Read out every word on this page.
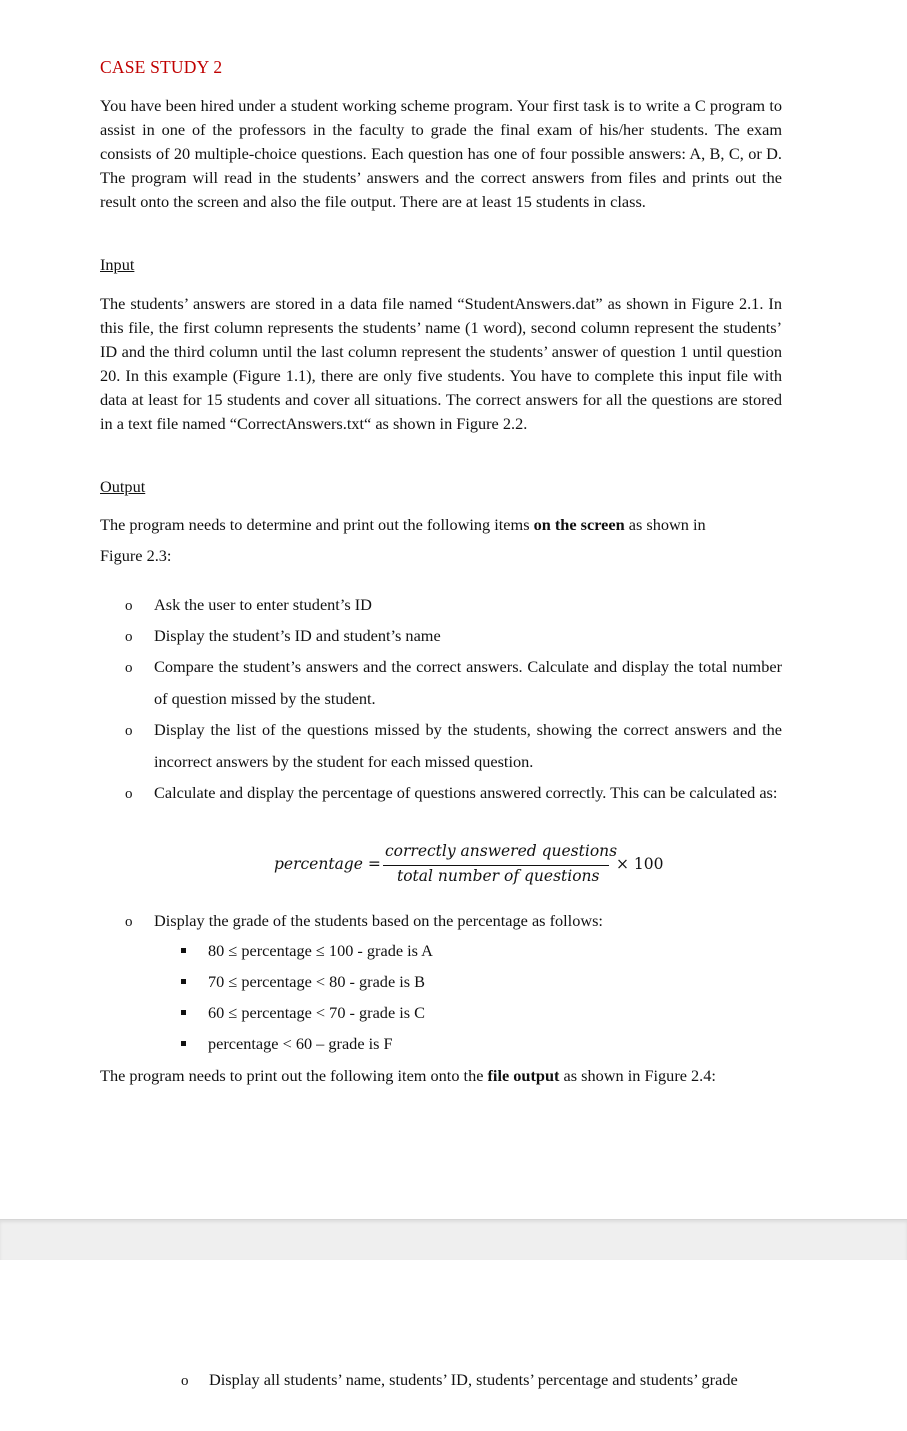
CASE STUDY 2

You have been hired under a student working scheme program. Your first task is to write a C program to assist in one of the professors in the faculty to grade the final exam of his/her students. The exam consists of 20 multiple-choice questions. Each question has one of four possible answers: A, B, C, or D. The program will read in the students’ answers and the correct answers from files and prints out the result onto the screen and also the file output. There are at least 15 students in class.

Input

The students’ answers are stored in a data file named “StudentAnswers.dat” as shown in Figure 2.1. In this file, the first column represents the students’ name (1 word), second column represent the students’ ID and the third column until the last column represent the students’ answer of question 1 until question 20. In this example (Figure 1.1), there are only five students. You have to complete this input file with data at least for 15 students and cover all situations. The correct answers for all the questions are stored in a text file named “CorrectAnswers.txt“ as shown in Figure 2.2.

Output
The program needs to determine and print out the following items on the screen as shown in
Figure 2.3:
o Ask the user to enter student’s ID

o Display the student’s ID and student’s name

o Compare the student’s answers and the correct answers. Calculate and display the total number of question missed by the student.

o Display the list of the questions missed by the students, showing the correct answers and the incorrect answers by the student for each missed question.

o Calculate and display the percentage of questions answered correctly. This can be calculated as:

percentage =
correctly answered questions
total number of questions
× 100
o Display the grade of the students based on the percentage as follows:

80 ≤ percentage ≤ 100 - grade is A
70 ≤ percentage < 80 - grade is B
60 ≤ percentage < 70 - grade is C
percentage < 60 – grade is F
The program needs to print out the following item onto the file output as shown in Figure 2.4:
o Display all students’ name, students’ ID, students’ percentage and students’ grade
